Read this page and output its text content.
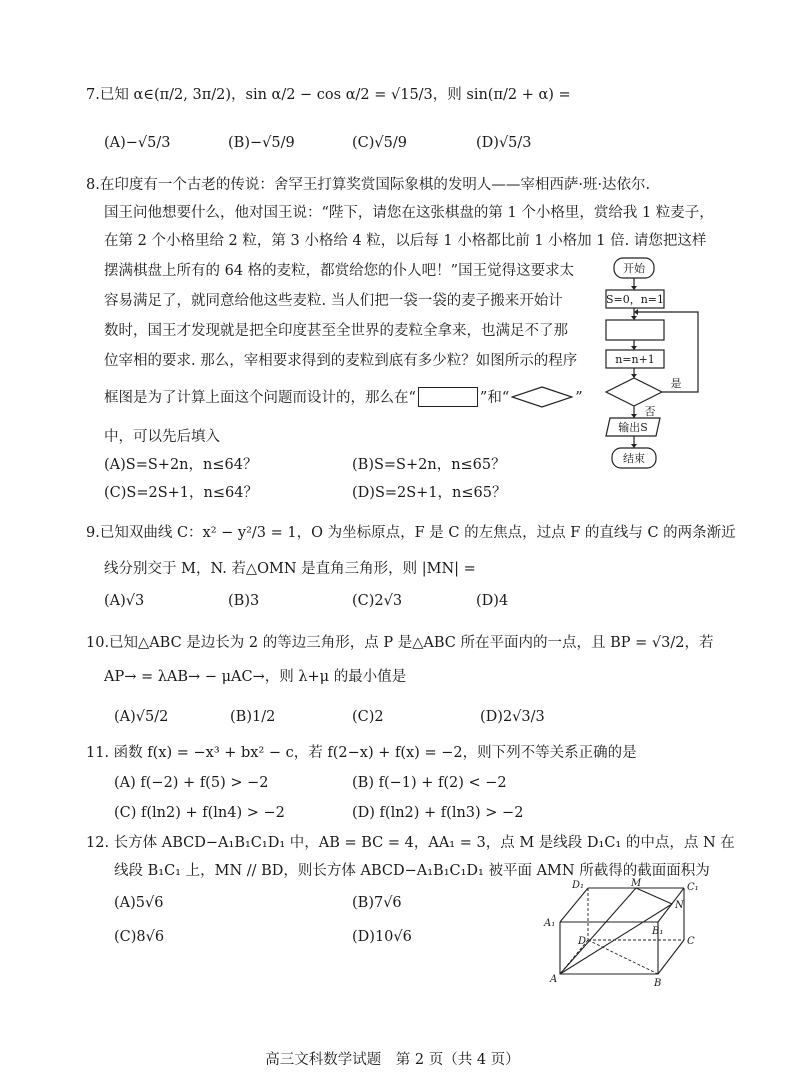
7.已知 α∈(π/2, 3π/2)，sin α/2 − cos α/2 = √15/3，则 sin(π/2 + α) =
(A)−√5/3	(B)−√5/9	(C)√5/9	(D)√5/3
8.在印度有一个古老的传说：舍罕王打算奖赏国际象棋的发明人——宰相西萨·班·达依尔.
国王问他想要什么，他对国王说：“陛下，请您在这张棋盘的第 1 个小格里，赏给我 1 粒麦子，
在第 2 个小格里给 2 粒，第 3 小格给 4 粒，以后每 1 小格都比前 1 小格加 1 倍. 请您把这样
摆满棋盘上所有的 64 格的麦粒，都赏给您的仆人吧！”国王觉得这要求太
容易满足了，就同意给他这些麦粒. 当人们把一袋一袋的麦子搬来开始计
数时，国王才发现就是把全印度甚至全世界的麦粒全拿来，也满足不了那
位宰相的要求. 那么，宰相要求得到的麦粒到底有多少粒？如图所示的程序
框图是为了计算上面这个问题而设计的，那么在“	”和“	”
中，可以先后填入
(A)S=S+2n，n≤64？	(B)S=S+2n，n≤65？
(C)S=2S+1，n≤64？	(D)S=2S+1，n≤65？
开始
S=0，n=1
n=n+1
是
否
输出S
结束
9.已知双曲线 C：x² − y²/3 = 1，O 为坐标原点，F 是 C 的左焦点，过点 F 的直线与 C 的两条渐近
线分别交于 M，N. 若△OMN 是直角三角形，则 |MN| =
(A)√3	(B)3	(C)2√3	(D)4
10.已知△ABC 是边长为 2 的等边三角形，点 P 是△ABC 所在平面内的一点，且 BP = √3/2，若
AP→ = λAB→ − μAC→，则 λ+μ 的最小值是
(A)√5/2	(B)1/2	(C)2	(D)2√3/3
11. 函数 f(x) = −x³ + bx² − c，若 f(2−x) + f(x) = −2，则下列不等关系正确的是
(A) f(−2) + f(5) > −2	(B) f(−1) + f(2) < −2
(C) f(ln2) + f(ln4) > −2	(D) f(ln2) + f(ln3) > −2
12. 长方体 ABCD−A₁B₁C₁D₁ 中，AB = BC = 4，AA₁ = 3，点 M 是线段 D₁C₁ 的中点，点 N 在
线段 B₁C₁ 上，MN // BD，则长方体 ABCD−A₁B₁C₁D₁ 被平面 AMN 所截得的截面面积为
(A)5√6	(B)7√6
(C)8√6	(D)10√6
D₁	M	C₁
N
A₁
B₁
D	C
A	B
高三文科数学试题　第 2 页（共 4 页）
